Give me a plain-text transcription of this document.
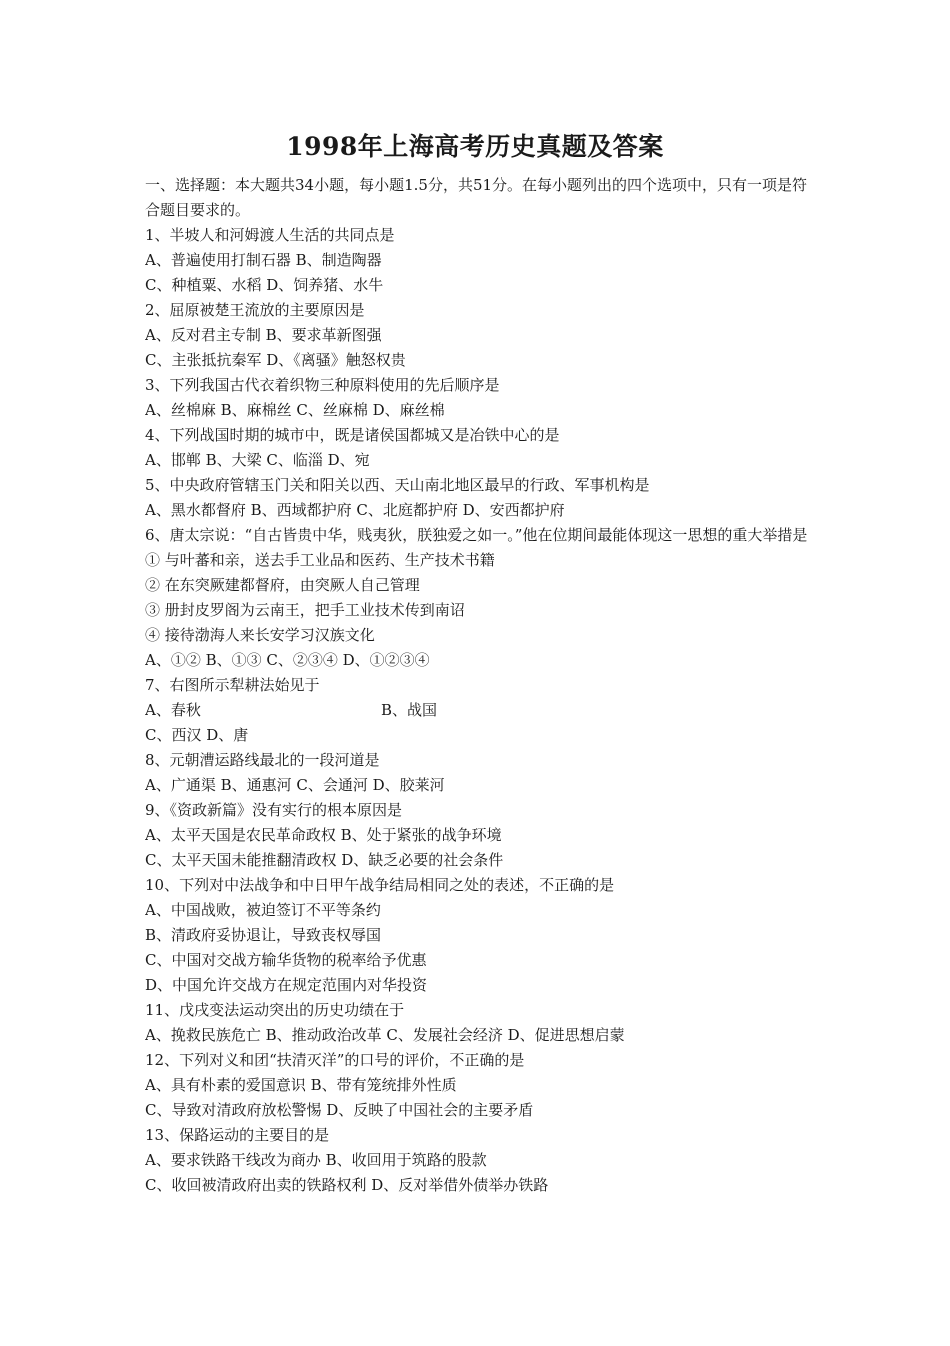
1998年上海高考历史真题及答案
一、选择题：本大题共34小题，每小题1.5分，共51分。在每小题列出的四个选项中，只有一项是符合题目要求的。
1、半坡人和河姆渡人生活的共同点是
A、普遍使用打制石器 B、制造陶器
C、种植粟、水稻 D、饲养猪、水牛
2、屈原被楚王流放的主要原因是
A、反对君主专制 B、要求革新图强
C、主张抵抗秦军 D、《离骚》触怒权贵
3、下列我国古代衣着织物三种原料使用的先后顺序是
A、丝棉麻 B、麻棉丝 C、丝麻棉 D、麻丝棉
4、下列战国时期的城市中，既是诸侯国都城又是冶铁中心的是
A、邯郸 B、大梁 C、临淄 D、宛
5、中央政府管辖玉门关和阳关以西、天山南北地区最早的行政、军事机构是
A、黑水都督府 B、西域都护府 C、北庭都护府 D、安西都护府
6、唐太宗说：“自古皆贵中华，贱夷狄，朕独爱之如一。”他在位期间最能体现这一思想的重大举措是
① 与叶蕃和亲，送去手工业品和医药、生产技术书籍
② 在东突厥建都督府，由突厥人自己管理
③ 册封皮罗阁为云南王，把手工业技术传到南诏
④ 接待渤海人来长安学习汉族文化
A、①② B、①③ C、②③④ D、①②③④
7、右图所示犁耕法始见于
A、春秋	B、战国
C、西汉 D、唐
8、元朝漕运路线最北的一段河道是
A、广通渠 B、通惠河 C、会通河 D、胶莱河
9、《资政新篇》没有实行的根本原因是
A、太平天国是农民革命政权 B、处于紧张的战争环境
C、太平天国未能推翻清政权 D、缺乏必要的社会条件
10、下列对中法战争和中日甲午战争结局相同之处的表述，不正确的是
A、中国战败，被迫签订不平等条约
B、清政府妥协退让，导致丧权辱国
C、中国对交战方输华货物的税率给予优惠
D、中国允许交战方在规定范围内对华投资
11、戊戌变法运动突出的历史功绩在于
A、挽救民族危亡 B、推动政治改革 C、发展社会经济 D、促进思想启蒙
12、下列对义和团“扶清灭洋”的口号的评价，不正确的是
A、具有朴素的爱国意识 B、带有笼统排外性质
C、导致对清政府放松警惕 D、反映了中国社会的主要矛盾
13、保路运动的主要目的是
A、要求铁路干线改为商办 B、收回用于筑路的股款
C、收回被清政府出卖的铁路权利 D、反对举借外债举办铁路
